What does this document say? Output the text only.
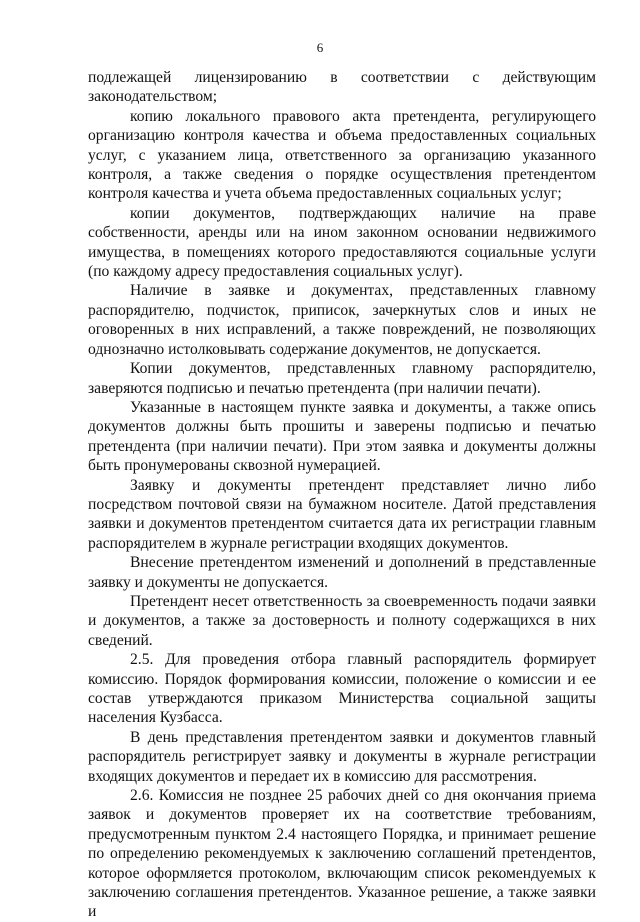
6

подлежащей лицензированию в соответствии с действующим законодательством;

копию локального правового акта претендента, регулирующего организацию контроля качества и объема предоставленных социальных услуг, с указанием лица, ответственного за организацию указанного контроля, а также сведения о порядке осуществления претендентом контроля качества и учета объема предоставленных социальных услуг;

копии документов, подтверждающих наличие на праве собственности, аренды или на ином законном основании недвижимого имущества, в помещениях которого предоставляются социальные услуги (по каждому адресу предоставления социальных услуг).

Наличие в заявке и документах, представленных главному распорядителю, подчисток, приписок, зачеркнутых слов и иных не оговоренных в них исправлений, а также повреждений, не позволяющих однозначно истолковывать содержание документов, не допускается.

Копии документов, представленных главному распорядителю, заверяются подписью и печатью претендента (при наличии печати).

Указанные в настоящем пункте заявка и документы, а также опись документов должны быть прошиты и заверены подписью и печатью претендента (при наличии печати). При этом заявка и документы должны быть пронумерованы сквозной нумерацией.

Заявку и документы претендент представляет лично либо посредством почтовой связи на бумажном носителе. Датой представления заявки и документов претендентом считается дата их регистрации главным распорядителем в журнале регистрации входящих документов.

Внесение претендентом изменений и дополнений в представленные заявку и документы не допускается.

Претендент несет ответственность за своевременность подачи заявки и документов, а также за достоверность и полноту содержащихся в них сведений.

2.5. Для проведения отбора главный распорядитель формирует комиссию. Порядок формирования комиссии, положение о комиссии и ее состав утверждаются приказом Министерства социальной защиты населения Кузбасса.

В день представления претендентом заявки и документов главный распорядитель регистрирует заявку и документы в журнале регистрации входящих документов и передает их в комиссию для рассмотрения.

2.6. Комиссия не позднее 25 рабочих дней со дня окончания приема заявок и документов проверяет их на соответствие требованиям, предусмотренным пунктом 2.4 настоящего Порядка, и принимает решение по определению рекомендуемых к заключению соглашений претендентов, которое оформляется протоколом, включающим список рекомендуемых к заключению соглашения претендентов. Указанное решение, а также заявки и
